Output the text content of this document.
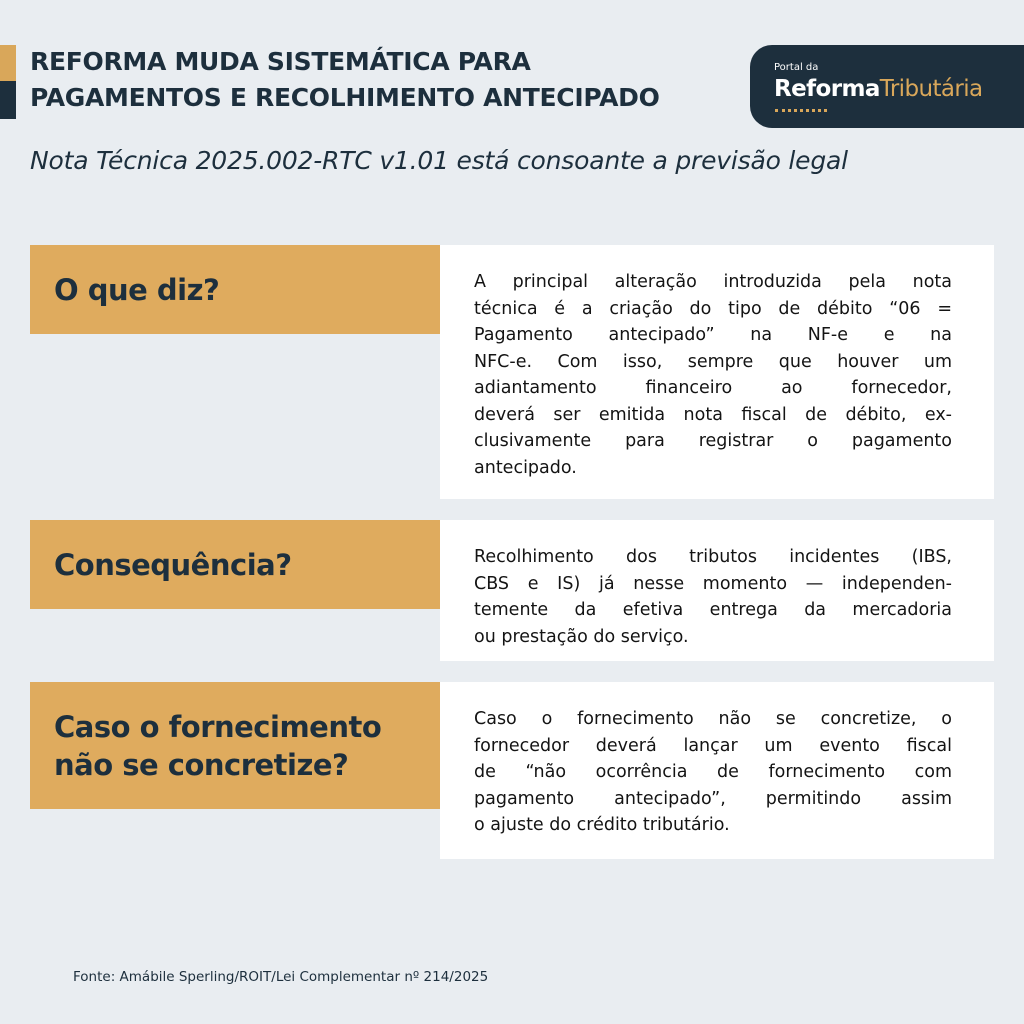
REFORMA MUDA SISTEMÁTICA PARA
PAGAMENTOS E RECOLHIMENTO ANTECIPADO
Portal da
ReformaTributária

Nota Técnica 2025.002-RTC v1.01 está consoante a previsão legal

O que diz?	A principal alteração introduzida pela nota
técnica é a criação do tipo de débito “06 =
Pagamento antecipado” na NF-e e na
NFC-e. Com isso, sempre que houver um
adiantamento financeiro ao fornecedor,
deverá ser emitida nota fiscal de débito, ex-
clusivamente para registrar o pagamento
antecipado.

Consequência?	Recolhimento dos tributos incidentes (IBS,
CBS e IS) já nesse momento — independen-
temente da efetiva entrega da mercadoria
ou prestação do serviço.

Caso o fornecimento
não se concretize?

Caso o fornecimento não se concretize, o
fornecedor deverá lançar um evento fiscal
de “não ocorrência de fornecimento com
pagamento antecipado”, permitindo assim
o ajuste do crédito tributário.

Fonte: Amábile Sperling/ROIT/Lei Complementar nº 214/2025
